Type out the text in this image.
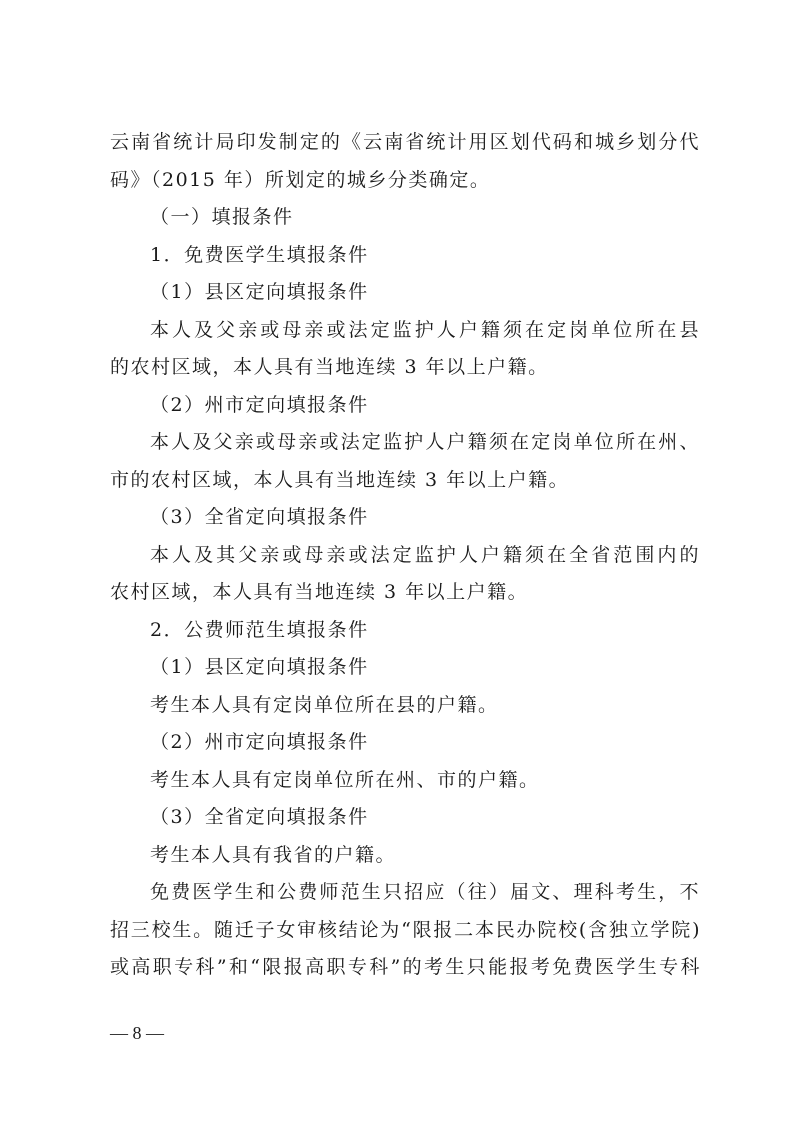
云南省统计局印发制定的《云南省统计用区划代码和城乡划分代
码》（2015 年）所划定的城乡分类确定。
（一）填报条件
1．免费医学生填报条件
（1）县区定向填报条件
本人及父亲或母亲或法定监护人户籍须在定岗单位所在县
的农村区域，本人具有当地连续 3 年以上户籍。
（2）州市定向填报条件
本人及父亲或母亲或法定监护人户籍须在定岗单位所在州、
市的农村区域，本人具有当地连续 3 年以上户籍。
（3）全省定向填报条件
本人及其父亲或母亲或法定监护人户籍须在全省范围内的
农村区域，本人具有当地连续 3 年以上户籍。
2．公费师范生填报条件
（1）县区定向填报条件
考生本人具有定岗单位所在县的户籍。
（2）州市定向填报条件
考生本人具有定岗单位所在州、市的户籍。
（3）全省定向填报条件
考生本人具有我省的户籍。
免费医学生和公费师范生只招应（往）届文、理科考生，不
招三校生。随迁子女审核结论为“限报二本民办院校(含独立学院)
或高职专科”和“限报高职专科”的考生只能报考免费医学生专科
— 8 —
